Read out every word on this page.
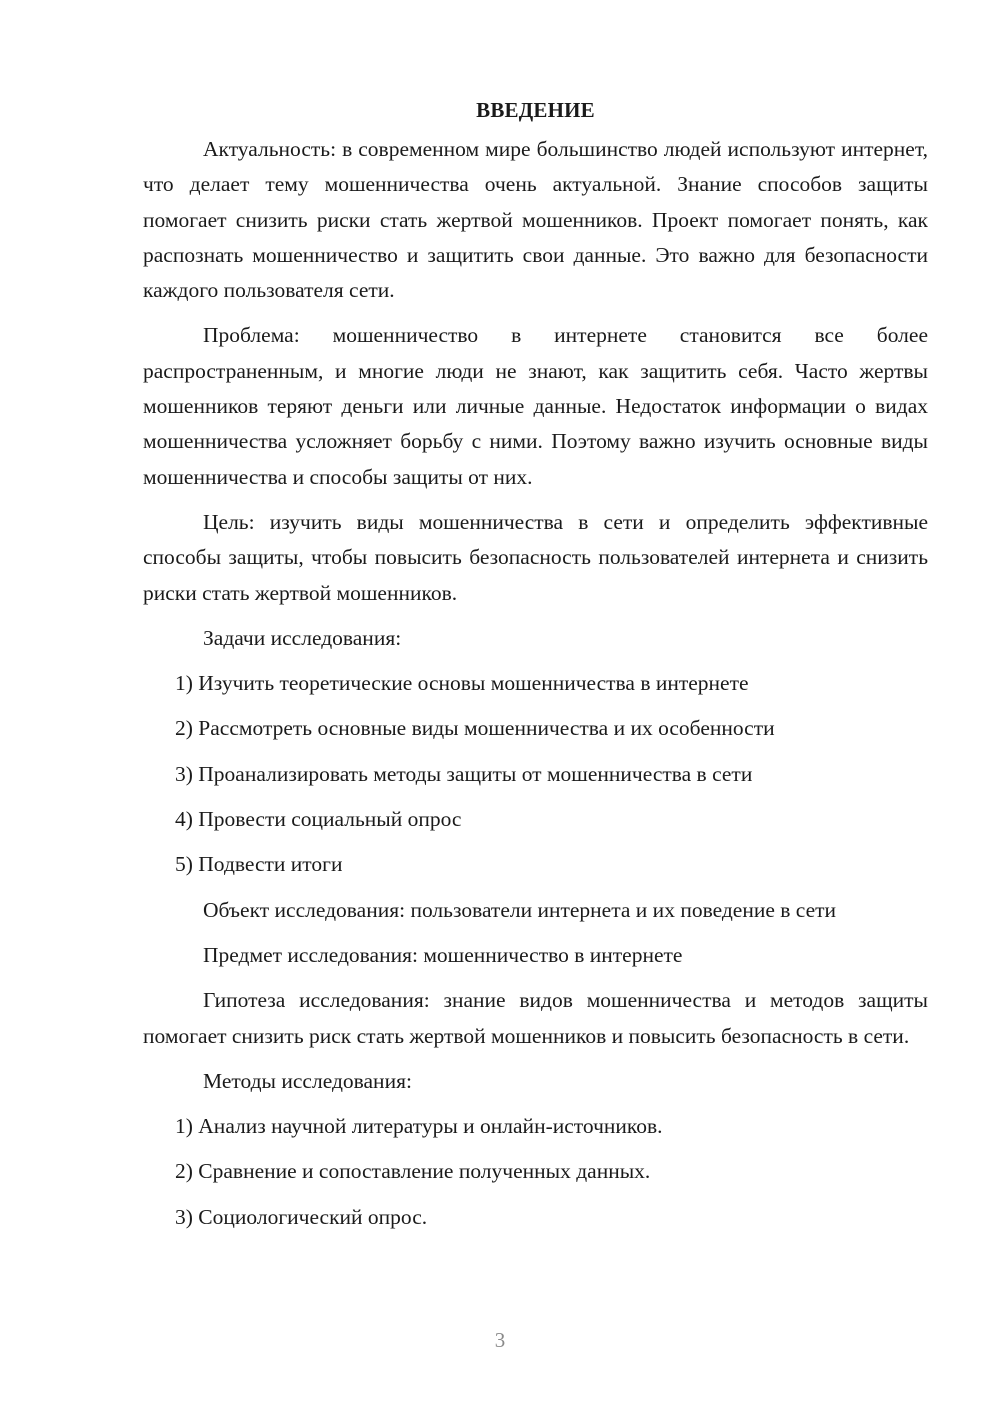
ВВЕДЕНИЕ

Актуальность: в современном мире большинство людей используют интернет, что делает тему мошенничества очень актуальной. Знание способов защиты помогает снизить риски стать жертвой мошенников. Проект помогает понять, как распознать мошенничество и защитить свои данные. Это важно для безопасности каждого пользователя сети.

Проблема: мошенничество в интернете становится все более распространенным, и многие люди не знают, как защитить себя. Часто жертвы мошенников теряют деньги или личные данные. Недостаток информации о видах мошенничества усложняет борьбу с ними. Поэтому важно изучить основные виды мошенничества и способы защиты от них.

Цель: изучить виды мошенничества в сети и определить эффективные способы защиты, чтобы повысить безопасность пользователей интернета и снизить риски стать жертвой мошенников.

Задачи исследования:

1) Изучить теоретические основы мошенничества в интернете

2) Рассмотреть основные виды мошенничества и их особенности

3) Проанализировать методы защиты от мошенничества в сети

4) Провести социальный опрос

5) Подвести итоги

Объект исследования: пользователи интернета и их поведение в сети

Предмет исследования: мошенничество в интернете

Гипотеза исследования: знание видов мошенничества и методов защиты помогает снизить риск стать жертвой мошенников и повысить безопасность в сети.

Методы исследования:

1) Анализ научной литературы и онлайн-источников.

2) Сравнение и сопоставление полученных данных.

3) Социологический опрос.

3
